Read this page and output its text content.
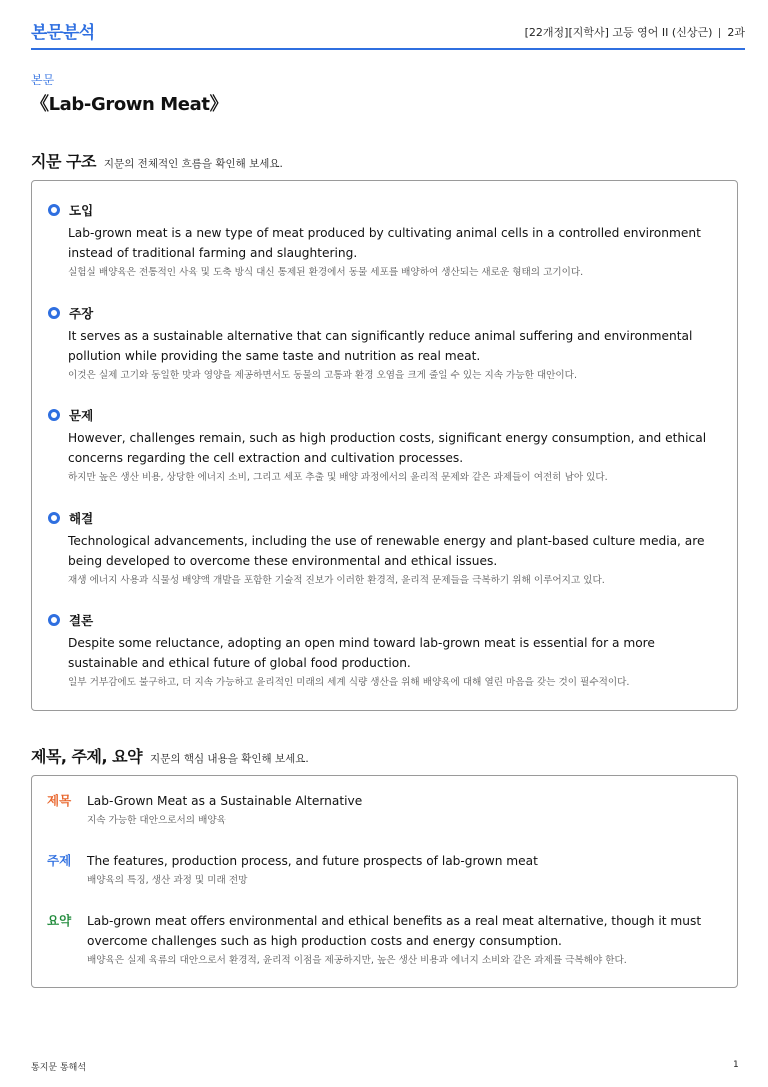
본문분석	[22개정][지학사] 고등 영어 II (신상근) 2과
본문
《Lab-Grown Meat》
지문 구조 지문의 전체적인 흐름을 확인해 보세요.
도입
Lab-grown meat is a new type of meat produced by cultivating animal cells in a controlled environment instead of traditional farming and slaughtering.
실험실 배양육은 전통적인 사육 및 도축 방식 대신 통제된 환경에서 동물 세포를 배양하여 생산되는 새로운 형태의 고기이다.
주장
It serves as a sustainable alternative that can significantly reduce animal suffering and environmental pollution while providing the same taste and nutrition as real meat.
이것은 실제 고기와 동일한 맛과 영양을 제공하면서도 동물의 고통과 환경 오염을 크게 줄일 수 있는 지속 가능한 대안이다.
문제
However, challenges remain, such as high production costs, significant energy consumption, and ethical concerns regarding the cell extraction and cultivation processes.
하지만 높은 생산 비용, 상당한 에너지 소비, 그리고 세포 추출 및 배양 과정에서의 윤리적 문제와 같은 과제들이 여전히 남아 있다.
해결
Technological advancements, including the use of renewable energy and plant-based culture media, are being developed to overcome these environmental and ethical issues.
재생 에너지 사용과 식물성 배양액 개발을 포함한 기술적 진보가 이러한 환경적, 윤리적 문제들을 극복하기 위해 이루어지고 있다.
결론
Despite some reluctance, adopting an open mind toward lab-grown meat is essential for a more sustainable and ethical future of global food production.
일부 거부감에도 불구하고, 더 지속 가능하고 윤리적인 미래의 세계 식량 생산을 위해 배양육에 대해 열린 마음을 갖는 것이 필수적이다.
제목, 주제, 요약 지문의 핵심 내용을 확인해 보세요.
제목	Lab-Grown Meat as a Sustainable Alternative
지속 가능한 대안으로서의 배양육
주제	The features, production process, and future prospects of lab-grown meat
배양육의 특징, 생산 과정 및 미래 전망
요약	Lab-grown meat offers environmental and ethical benefits as a real meat alternative, though it must overcome challenges such as high production costs and energy consumption.
배양육은 실제 육류의 대안으로서 환경적, 윤리적 이점을 제공하지만, 높은 생산 비용과 에너지 소비와 같은 과제를 극복해야 한다.
통지문 통해석	1
